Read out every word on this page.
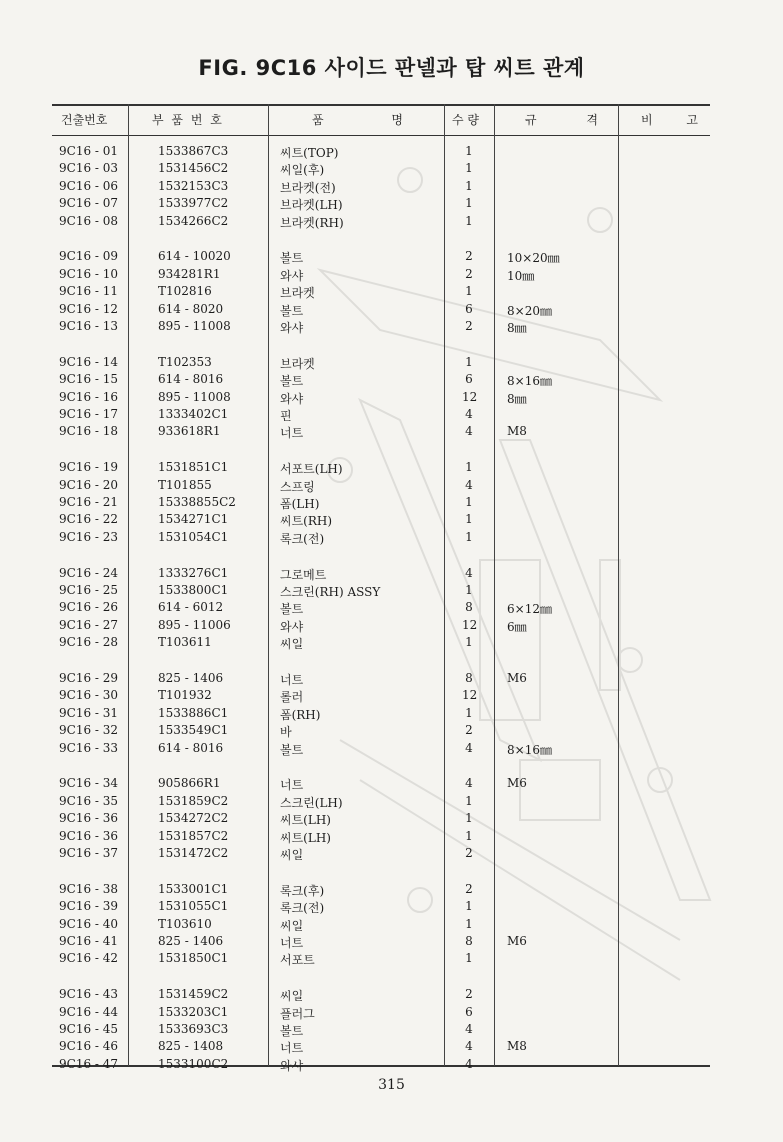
FIG. 9C16 사이드 판넬과 탑 씨트 관계
건출번호	부 품 번 호	품 명	수 량	규 격	비 고
9C16 - 01	1533867C3	씨트(TOP)	1
9C16 - 03	1531456C2	씨일(후)	1
9C16 - 06	1532153C3	브라켓(전)	1
9C16 - 07	1533977C2	브라켓(LH)	1
9C16 - 08	1534266C2	브라켓(RH)	1
9C16 - 09	614 - 10020	볼트	2	10×20㎜
9C16 - 10	934281R1	와샤	2	10㎜
9C16 - 11	T102816	브라켓	1
9C16 - 12	614 - 8020	볼트	6	8×20㎜
9C16 - 13	895 - 11008	와샤	2	8㎜
9C16 - 14	T102353	브라켓	1
9C16 - 15	614 - 8016	볼트	6	8×16㎜
9C16 - 16	895 - 11008	와샤	12 8㎜
9C16 - 17	1333402C1	핀	4
9C16 - 18	933618R1	너트	4	M8
9C16 - 19	1531851C1	서포트(LH)	1
9C16 - 20	T101855	스프링	4
9C16 - 21	15338855C2	폼(LH)	1
9C16 - 22	1534271C1	씨트(RH)	1
9C16 - 23	1531054C1	록크(전)	1
9C16 - 24	1333276C1	그로메트	4
9C16 - 25	1533800C1	스크린(RH) ASSY	1
9C16 - 26	614 - 6012	볼트	8	6×12㎜
9C16 - 27	895 - 11006	와샤	12 6㎜
9C16 - 28	T103611	씨일	1
9C16 - 29	825 - 1406	너트	8	M6
9C16 - 30	T101932	롤러	12
9C16 - 31	1533886C1	폼(RH)	1
9C16 - 32	1533549C1	바	2
9C16 - 33	614 - 8016	볼트	4	8×16㎜
9C16 - 34	905866R1	너트	4	M6
9C16 - 35	1531859C2	스크린(LH)	1
9C16 - 36	1534272C2	씨트(LH)	1
9C16 - 36	1531857C2	씨트(LH)	1
9C16 - 37	1531472C2	씨일	2
9C16 - 38	1533001C1	록크(후)	2
9C16 - 39	1531055C1	록크(전)	1
9C16 - 40	T103610	씨일	1
9C16 - 41	825 - 1406	너트	8	M6
9C16 - 42	1531850C1	서포트	1
9C16 - 43	1531459C2	씨일	2
9C16 - 44	1533203C1	플러그	6
9C16 - 45	1533693C3	볼트	4
9C16 - 46	825 - 1408	너트	4	M8
9C16 - 47	1533100C2	와샤	4
315
